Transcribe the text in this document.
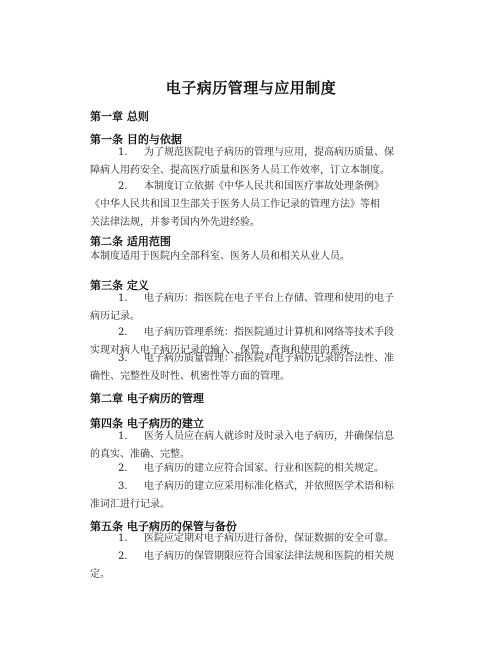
电子病历管理与应用制度
第一章 总则
第一条 目的与依据
1. 为了规范医院电子病历的管理与应用，提高病历质量、保
障病人用药安全、提高医疗质量和医务人员工作效率，订立本制度。
2. 本制度订立依据《中华人民共和国医疗事故处理条例》
《中华人民共和国卫生部关于医务人员工作记录的管理方法》等相
关法律法规，并参考国内外先进经验。
第二条 适用范围
本制度适用于医院内全部科室、医务人员和相关从业人员。
第三条 定义
1. 电子病历：指医院在电子平台上存储、管理和使用的电子
病历记录。
2. 电子病历管理系统：指医院通过计算机和网络等技术手段
实现对病人电子病历记录的输入、保管、查询和使用的系统。
3. 电子病历质量管理：指医院对电子病历记录的合法性、准
确性、完整性及时性、机密性等方面的管理。
第二章 电子病历的管理
第四条 电子病历的建立
1. 医务人员应在病人就诊时及时录入电子病历，并确保信息
的真实、准确、完整。
2. 电子病历的建立应符合国家、行业和医院的相关规定。
3. 电子病历的建立应采用标准化格式，并依照医学术语和标
准词汇进行记录。
第五条 电子病历的保管与备份
1. 医院应定期对电子病历进行备份，保证数据的安全可靠。
2. 电子病历的保管期限应符合国家法律法规和医院的相关规
定。
